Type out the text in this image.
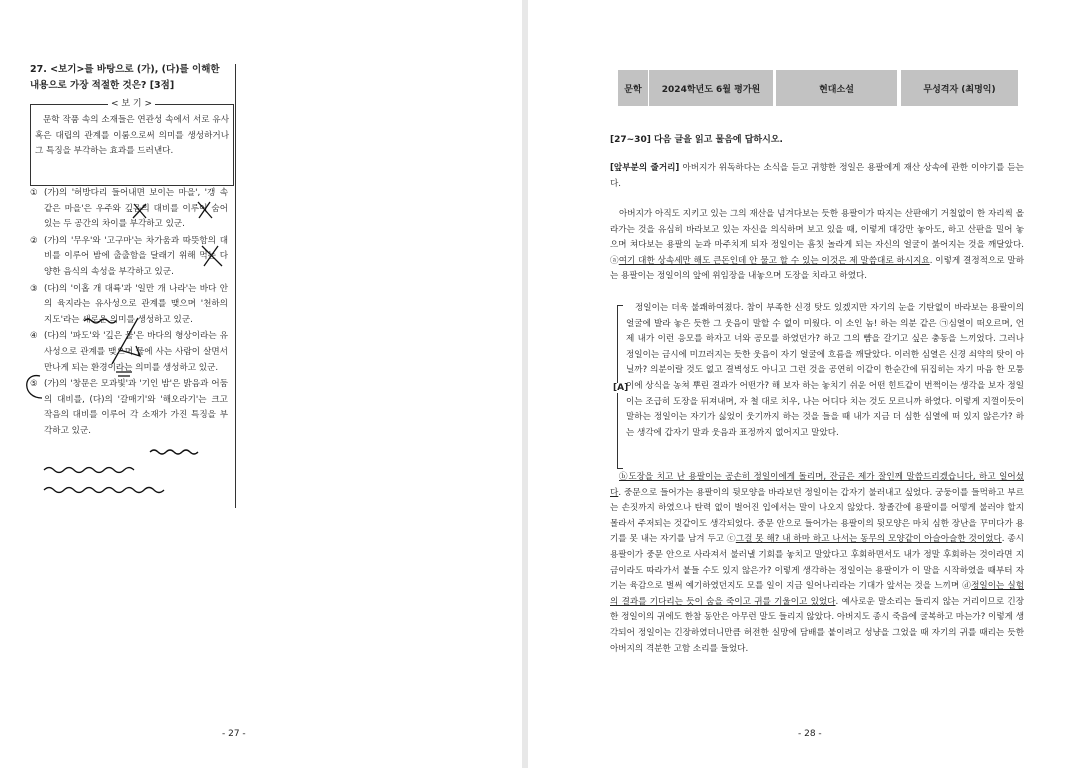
27. <보기>를 바탕으로 (가), (다)를 이해한 내용으로 가장 적절한 것은? [3점]
문학 작품 속의 소재들은 연관성 속에서 서로 유사 혹은 대립의 관계를 이룸으로써 의미를 생성하거나 그 특징을 부각하는 효과를 드러낸다.
< 보 기 >
① (가)의 '허방다리 들어내면 보이는 마을', '갱 속 같은 마을'은 우주와 깊음의 대비를 이루어 숨어 있는 두 공간의 차이를 부각하고 있군.
② (가)의 '무우'와 '고구마'는 차가움과 따뜻함의 대비를 이루어 밤에 출출함을 달래기 위해 먹는 다양한 음식의 속성을 부각하고 있군.
③ (다)의 '이홉 개 대륙'과 '일만 개 나라'는 바다 안의 육지라는 유사성으로 관계를 맺으며 '천하의 지도'라는 새로운 의미를 생성하고 있군.
④ (다)의 '파도'와 '깊은 물'은 바다의 형상이라는 유사성으로 관계를 맺으며 물에 사는 사람이 살면서 만나게 되는 환경이라는 의미를 생성하고 있군.
⑤ (가)의 '창문은 모과빛'과 '기인 밤'은 밝음과 어둠의 대비를, (다)의 '갈매기'와 '해오라기'는 크고 작음의 대비를 이루어 각 소재가 가진 특징을 부각하고 있군.
- 27 -
문학	2024학년도 6월 평가원	현대소설	무성격자 (최명익)
[27~30] 다음 글을 읽고 물음에 답하시오.

[앞부분의 줄거리] 아버지가 위독하다는 소식을 듣고 귀향한 정일은 용팔에게 재산 상속에 관한 이야기를 듣는다.

아버지가 아직도 지키고 있는 그의 재산을 넘겨다보는 듯한 용팔이가 따지는 산판얘기 거칠없이 한 자리씩 올라가는 것을 유심히 바라보고 있는 자신을 의식하며 보고 있을 때, 이렇게 대강만 놓아도, 하고 산판을 밀어 놓으며 쳐다보는 용팔의 눈과 마주치게 되자 정일이는 흠칫 놀라게 되는 자신의 얼굴이 붉어지는 것을 깨달았다. ⓐ여기 대한 상속세만 해도 큰돈인데 안 물고 할 수 있는 이것은 제 말씀대로 하시지요. 이렇게 결정적으로 말하는 용팔이는 정일이의 앞에 위임장을 내놓으며 도장을 치라고 하였다.

[A]

정일이는 더욱 불쾌하여졌다. 참이 부족한 신경 탓도 있겠지만 자기의 눈을 기탄없이 바라보는 용팔이의 얼굴에 발라 놓은 듯한 그 웃음이 말할 수 없이 미웠다. 이 소인 놈! 하는 의분 같은 ㉠심열이 떠오르며, 언제 내가 이런 응모를 하자고 너와 공모를 하였던가? 하고 그의 뺨을 갈기고 싶은 충동을 느끼었다. 그러나 정일이는 금시에 미끄러지는 듯한 웃음이 자기 얼굴에 흐름을 깨달았다. 이러한 심열은 신경 쇠약의 탓이 아닐까? 의분이랄 것도 없고 결벽성도 아니고 그런 것을 공연히 이같이 한순간에 뒤집히는 자기 마음 한 모퉁이에 상식을 농쳐 뿌린 결과가 어떤가? 해 보자 하는 놓치기 쉬운 어떤 힌트같이 번쩍이는 생각을 보자 정일이는 조급히 도장을 뒤져내며, 자 철 대로 치우, 나는 어디다 치는 것도 모르니까 하였다. 이렇게 지껄이듯이 말하는 정일이는 자기가 싫었이 웃기까지 하는 것을 들을 때 내가 지금 더 심한 심열에 떠 있지 않은가? 하는 생각에 갑자기 말과 웃음과 표정까지 없어지고 말았다.

ⓑ도장을 치고 난 용팔이는 공손히 정일이에게 돌리며, 잔금은 제가 잘인께 말씀드리겠습니다, 하고 일어섰다. 중문으로 들어가는 용팔이의 뒷모양을 바라보던 정일이는 갑자기 불러내고 싶었다. 궁둥이를 들먹하고 부르는 손짓까지 하였으나 탄력 없이 벌어진 입에서는 말이 나오지 않았다. 창졸간에 용팔이를 어떻게 불러야 할지 몰라서 주저되는 것같이도 생각되었다. 중문 안으로 들어가는 용팔이의 뒷모양은 마치 심한 장난을 꾸미다가 용기를 못 내는 자기를 남겨 두고 ⓒ그걸 못 해? 내 하마 하고 나서는 동무의 모양같이 아슬아슬한 것이었다. 종시 용팔이가 중문 안으로 사라져서 불러낼 기회를 놓치고 말았다고 후회하면서도 내가 정말 후회하는 것이라면 지금이라도 따라가서 붙들 수도 있지 않은가? 이렇게 생각하는 정일이는 용팔이가 이 말을 시작하였을 때부터 자기는 육감으로 벌써 예기하였던지도 모를 일이 지금 일어나리라는 기대가 앞서는 것을 느끼며 ⓓ정일이는 실험의 결과를 기다리는 듯이 숨을 죽이고 귀를 기울이고 있었다. 예사로운 말소리는 들리지 않는 거리이므로 긴장한 정일이의 귀에도 한참 동안은 아무런 말도 들리지 않았다. 아버지도 종시 죽음에 굴복하고 마는가? 이렇게 생각되어 정일이는 긴장하였더니만큼 허전한 실망에 담배를 붙이려고 성냥을 그었을 때 자기의 귀를 때리는 듯한 아버지의 격분한 고함 소리를 들었다.

- 28 -
